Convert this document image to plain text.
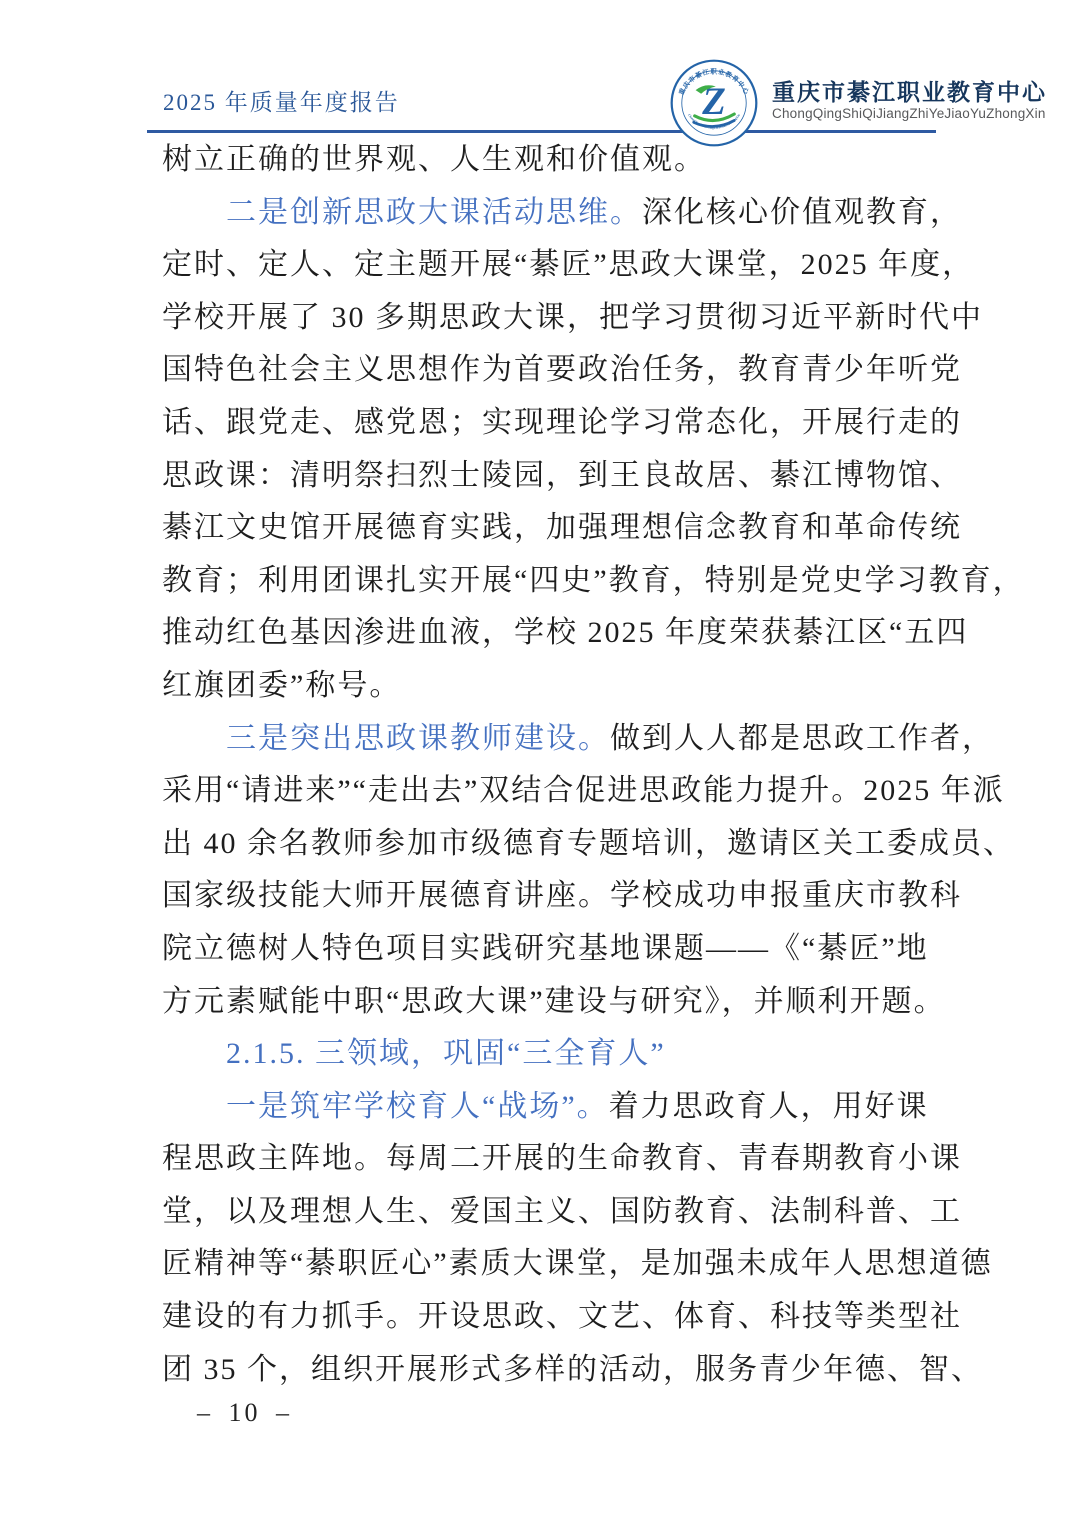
2025 年质量年度报告	重庆市綦江职业教育中心
ChongQingShiQiJiangZhiYeJiaoYuZhongXin
Z 重庆市綦江职业教育中心
ChongQingShiQiJiangZhiYeJiaoYuZhongXin
树立正确的世界观、人生观和价值观。
二是创新思政大课活动思维。深化核心价值观教育，
定时、定人、定主题开展“綦匠”思政大课堂，2025 年度，
学校开展了 30 多期思政大课，把学习贯彻习近平新时代中
国特色社会主义思想作为首要政治任务，教育青少年听党
话、跟党走、感党恩；实现理论学习常态化，开展行走的
思政课：清明祭扫烈士陵园，到王良故居、綦江博物馆、
綦江文史馆开展德育实践，加强理想信念教育和革命传统
教育；利用团课扎实开展“四史”教育，特别是党史学习教育，
推动红色基因渗进血液，学校 2025 年度荣获綦江区“五四
红旗团委”称号。
三是突出思政课教师建设。做到人人都是思政工作者，
采用“请进来”“走出去”双结合促进思政能力提升。2025 年派
出 40 余名教师参加市级德育专题培训，邀请区关工委成员、
国家级技能大师开展德育讲座。学校成功申报重庆市教科
院立德树人特色项目实践研究基地课题——《“綦匠”地
方元素赋能中职“思政大课”建设与研究》，并顺利开题。
2.1.5. 三领域，巩固“三全育人”
一是筑牢学校育人“战场”。着力思政育人，用好课
程思政主阵地。每周二开展的生命教育、青春期教育小课
堂，以及理想人生、爱国主义、国防教育、法制科普、工
匠精神等“綦职匠心”素质大课堂，是加强未成年人思想道德
建设的有力抓手。开设思政、文艺、体育、科技等类型社
团 35 个，组织开展形式多样的活动，服务青少年德、智、
– 10 –
